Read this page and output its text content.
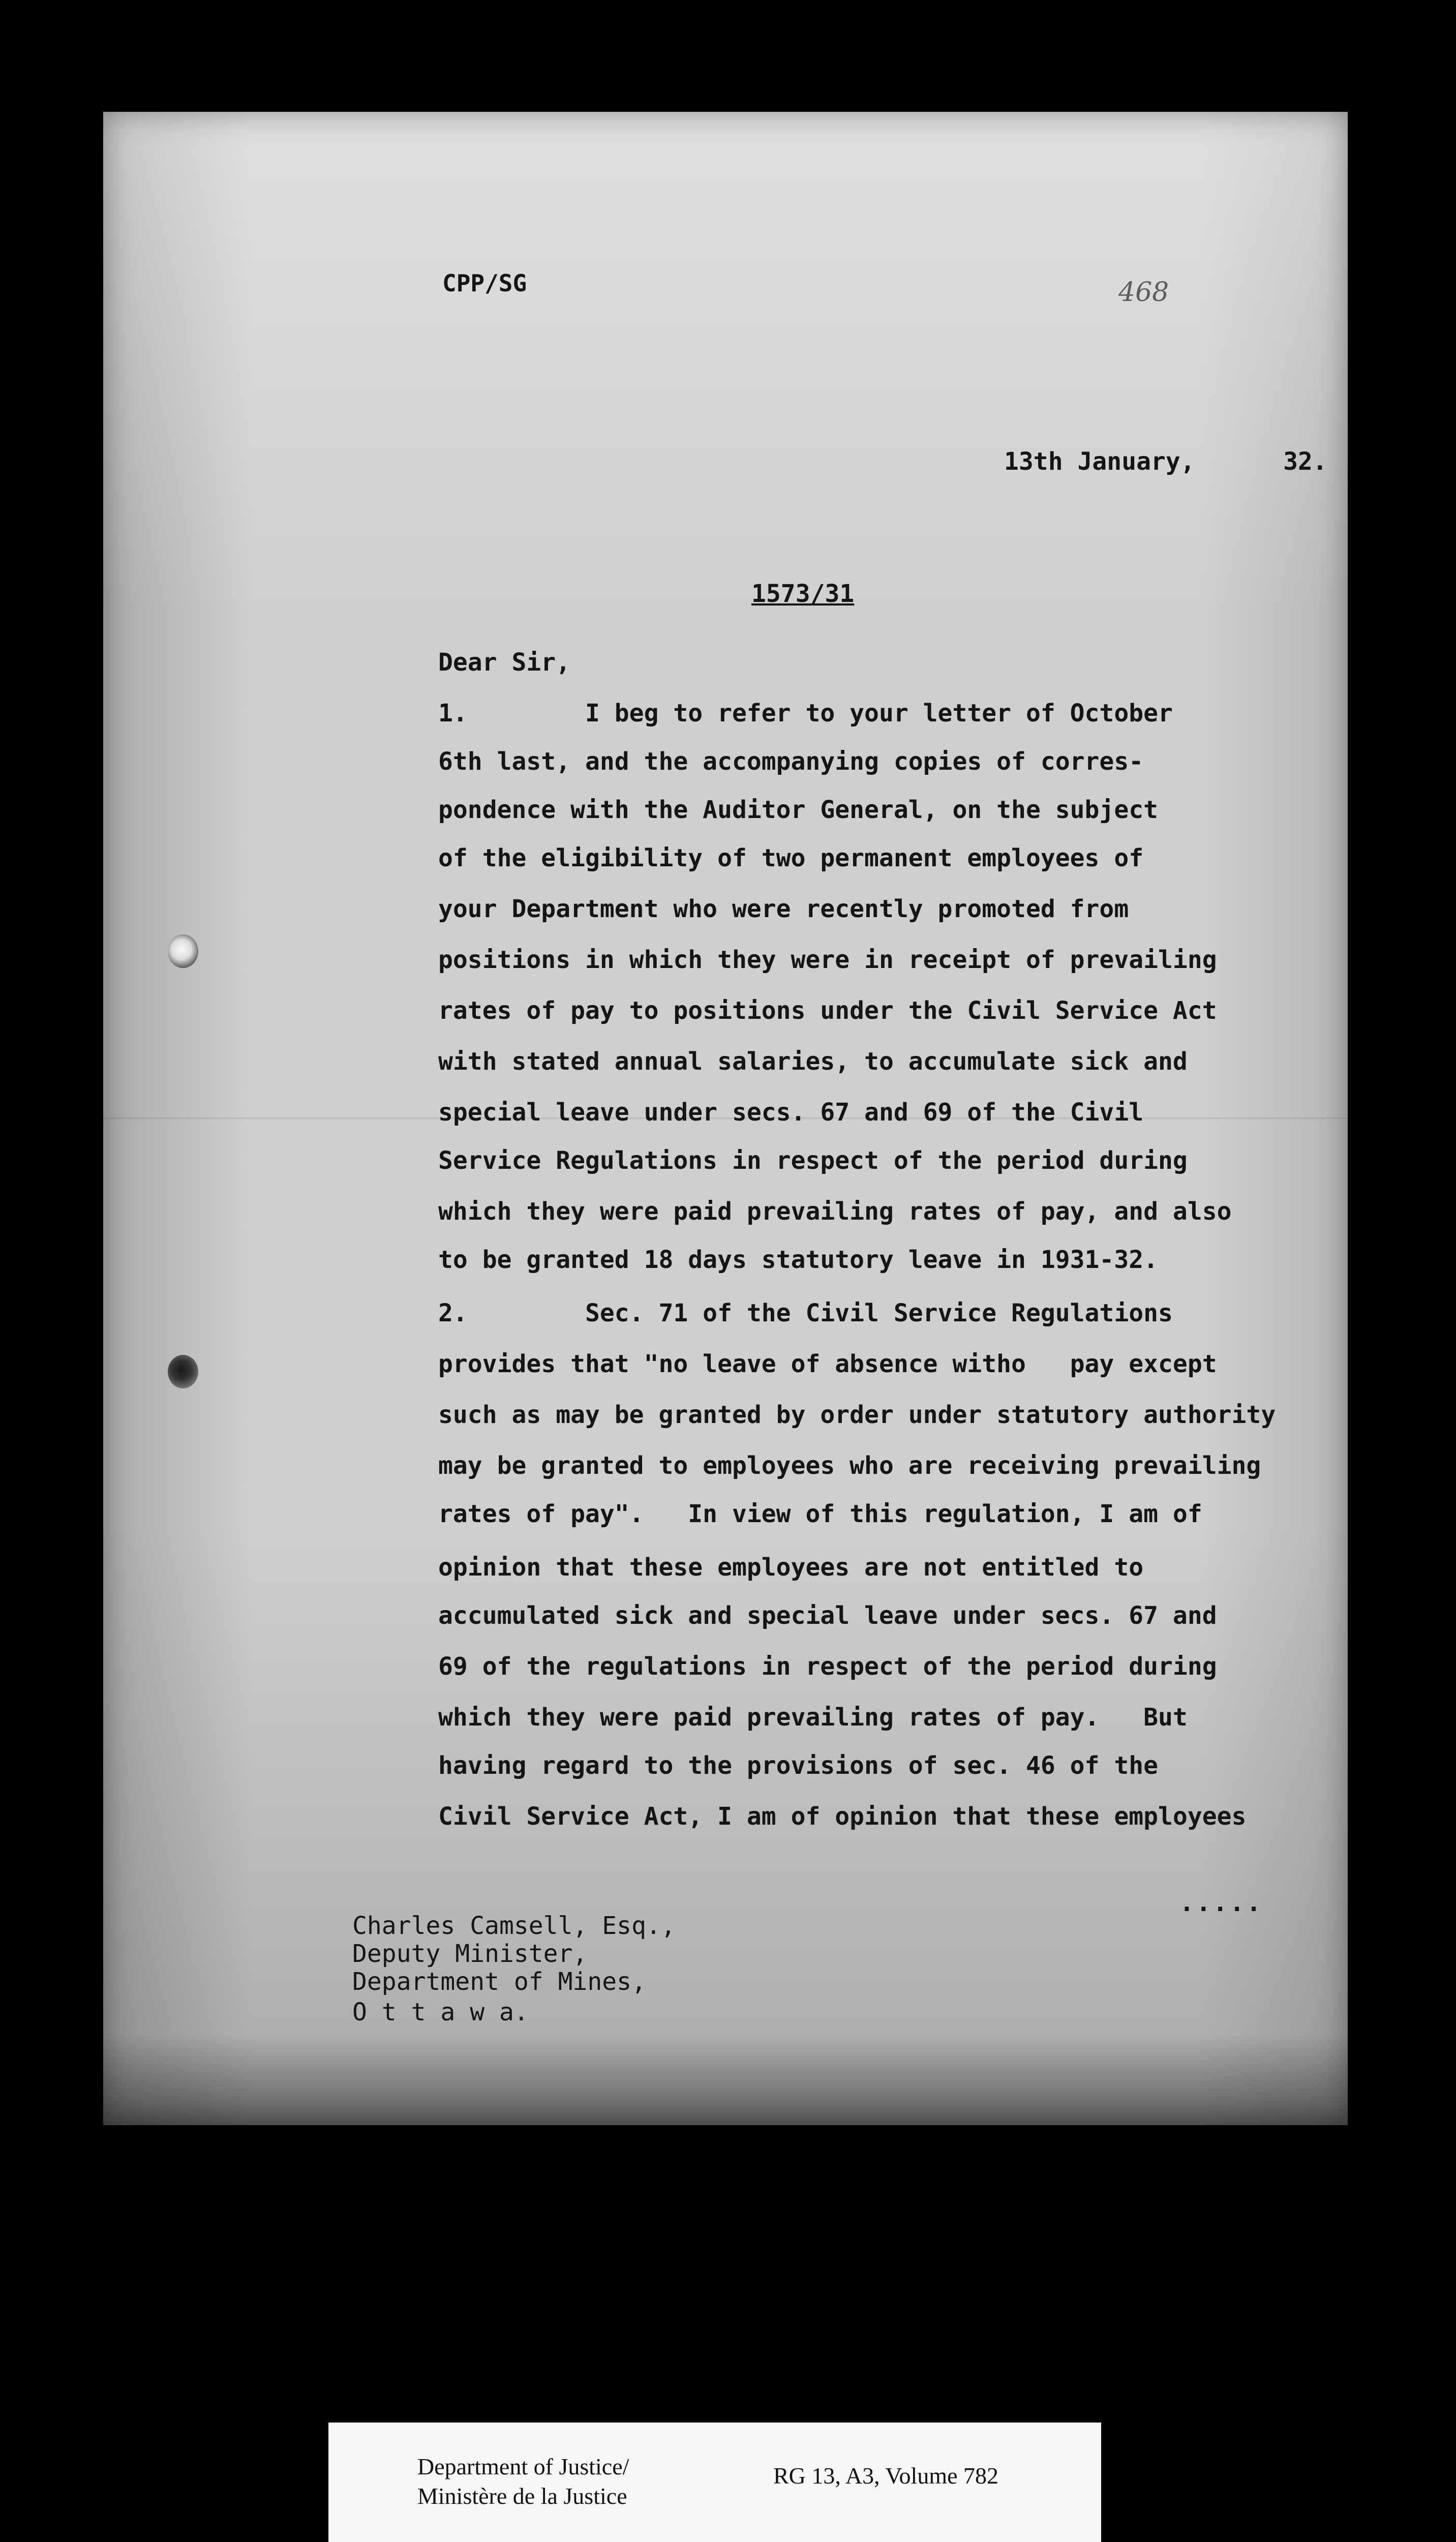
CPP/SG	468
13th January,      32.
1573/31
Dear Sir,
1.        I beg to refer to your letter of October
6th last, and the accompanying copies of corres-
pondence with the Auditor General, on the subject
of the eligibility of two permanent employees of
your Department who were recently promoted from
positions in which they were in receipt of prevailing
rates of pay to positions under the Civil Service Act
with stated annual salaries, to accumulate sick and
special leave under secs. 67 and 69 of the Civil
Service Regulations in respect of the period during
which they were paid prevailing rates of pay, and also
to be granted 18 days statutory leave in 1931-32.
2.        Sec. 71 of the Civil Service Regulations
provides that "no leave of absence witho   pay except
such as may be granted by order under statutory authority
may be granted to employees who are receiving prevailing
rates of pay".   In view of this regulation, I am of
opinion that these employees are not entitled to
accumulated sick and special leave under secs. 67 and
69 of the regulations in respect of the period during
which they were paid prevailing rates of pay.   But
having regard to the provisions of sec. 46 of the
Civil Service Act, I am of opinion that these employees
.....
Charles Camsell, Esq.,
Deputy Minister,
Department of Mines,
O t t a w a.
Department of Justice/
Ministère de la Justice
RG 13, A3, Volume 782
